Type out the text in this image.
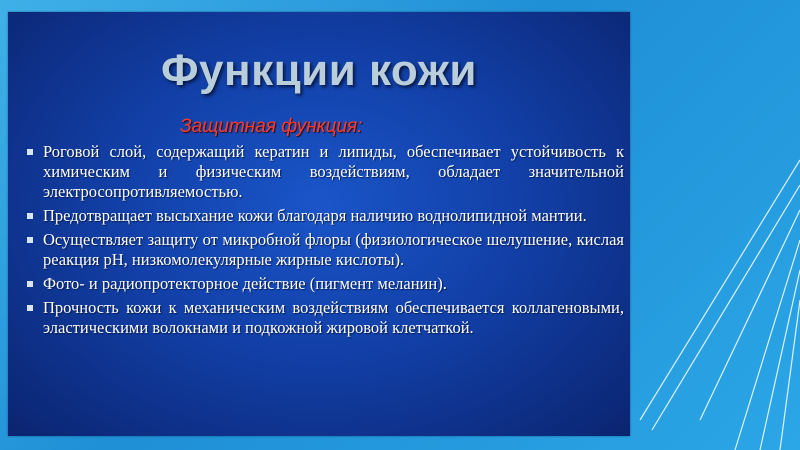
Функции кожи
Защитная функция:
Роговой слой, содержащий кератин и липиды, обеспечивает устойчивость к химическим и физическим воздействиям, обладает значительной электросопротивляемостью.
Предотвращает высыхание кожи благодаря наличию воднолипидной мантии.
Осуществляет защиту от микробной флоры (физиологическое шелушение, кислая реакция pH, низкомолекулярные жирные кислоты).
Фото- и радиопротекторное действие (пигмент меланин).
Прочность кожи к механическим воздействиям обеспечивается коллагеновыми, эластическими волокнами и подкожной жировой клетчаткой.
